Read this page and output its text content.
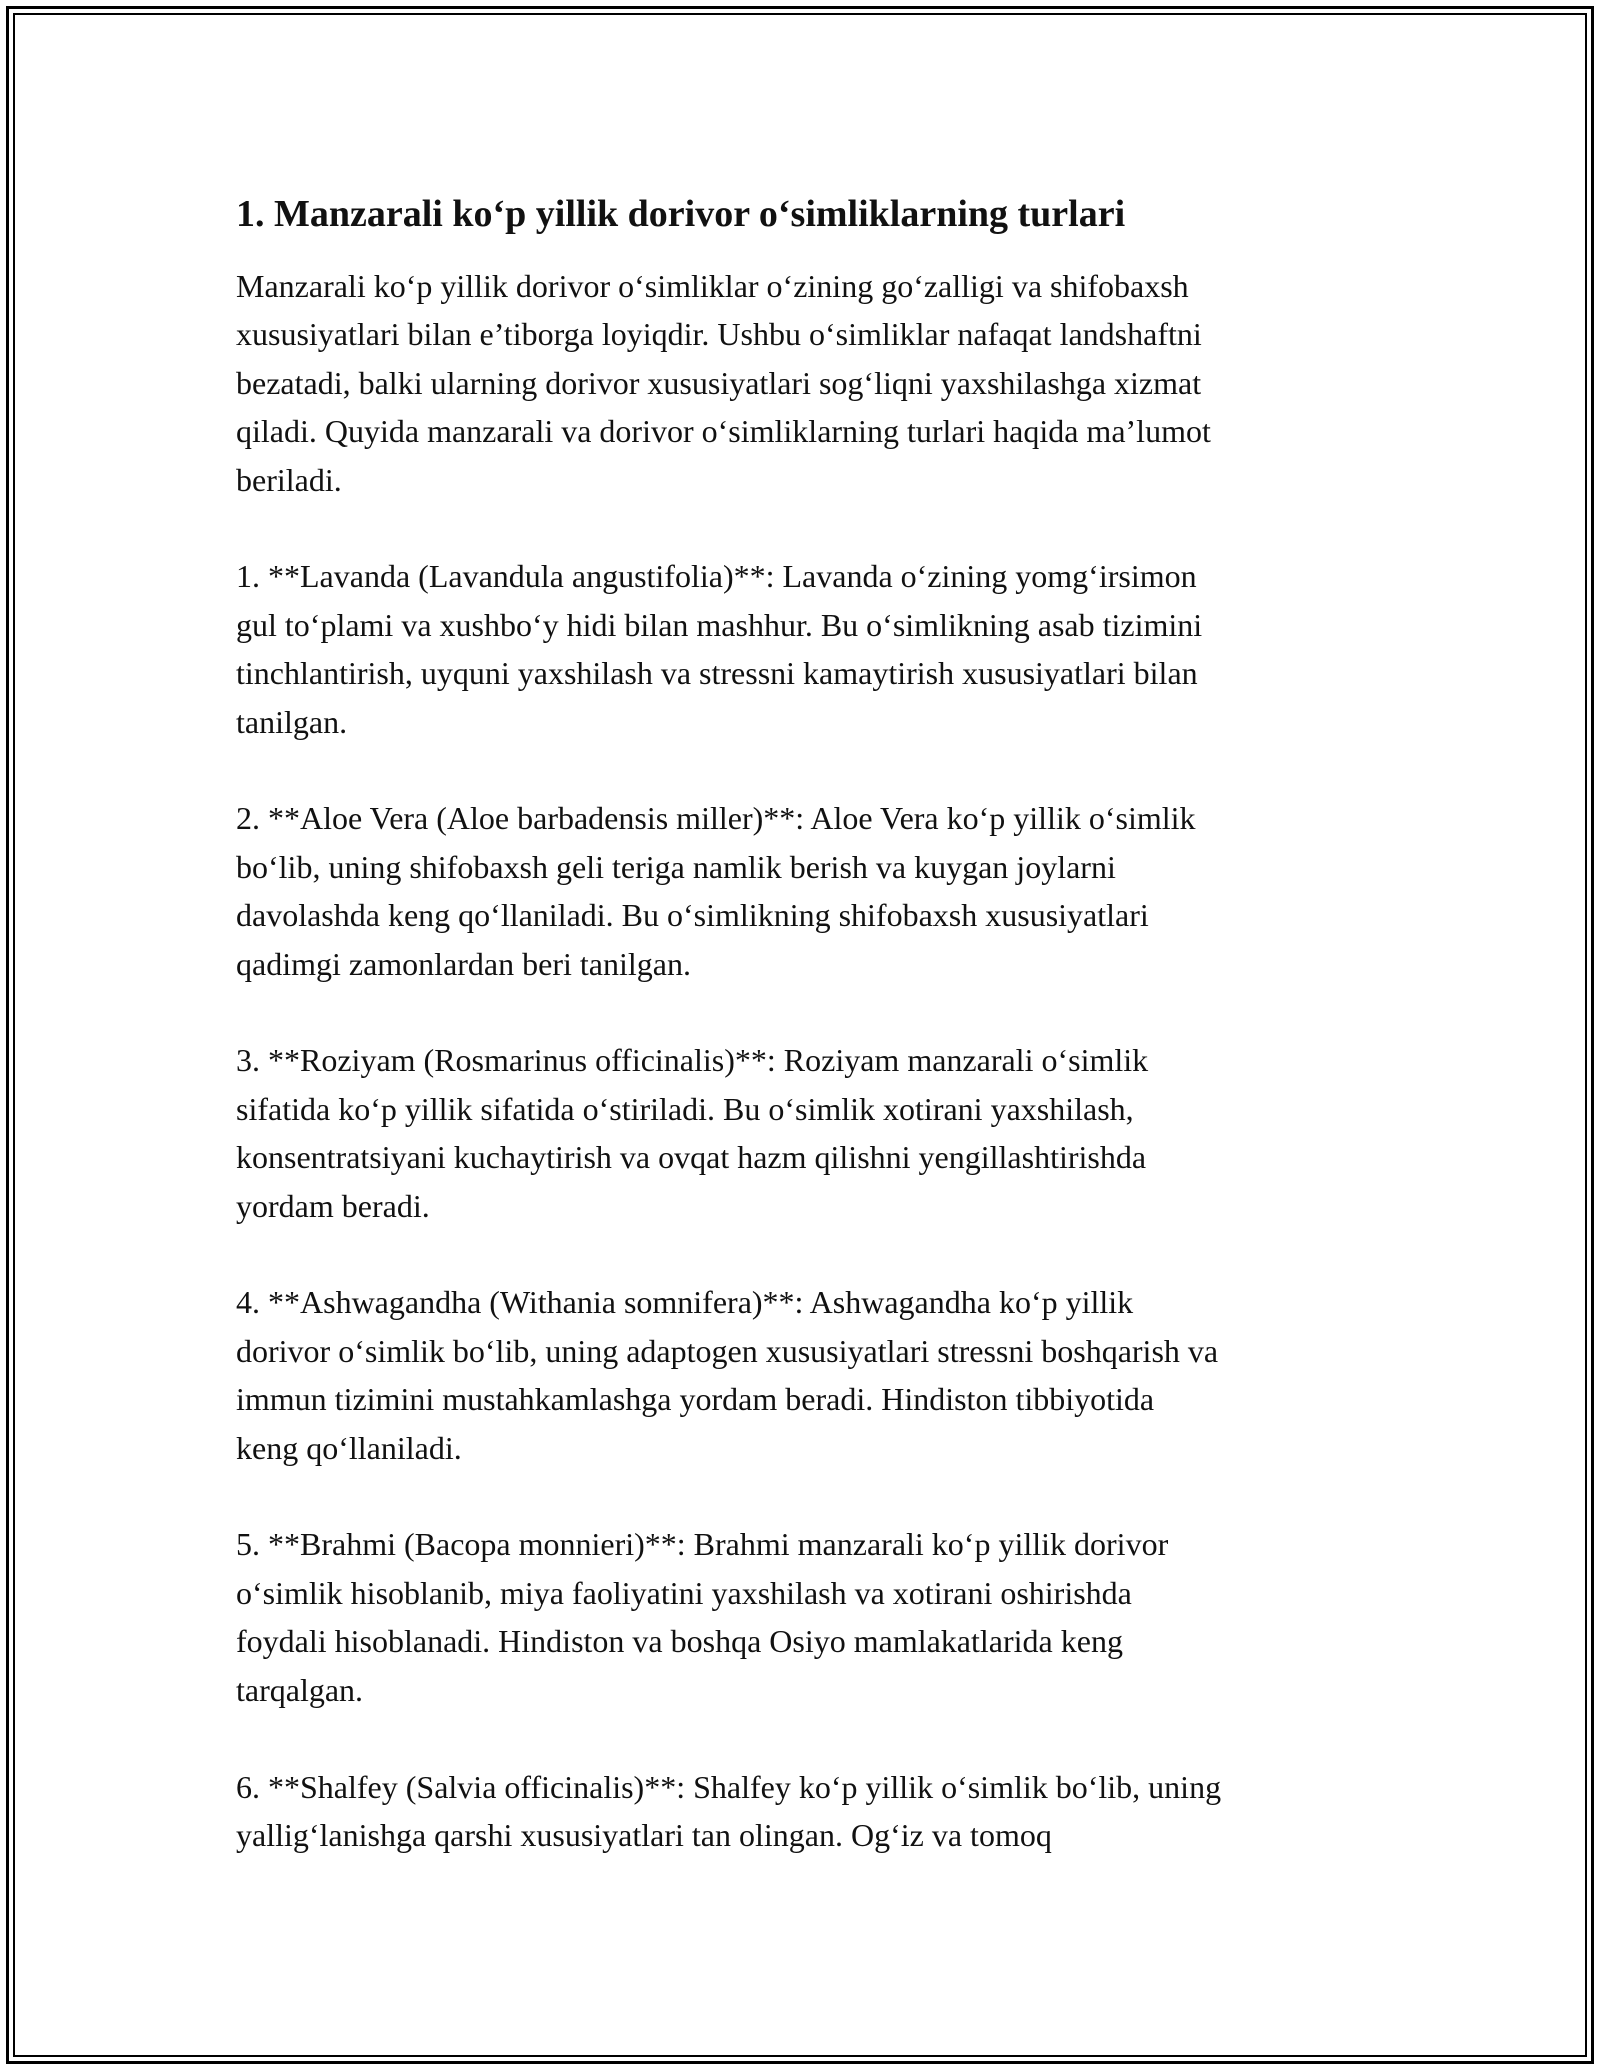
1. Manzarali ko‘p yillik dorivor o‘simliklarning turlari

Manzarali ko‘p yillik dorivor o‘simliklar o‘zining go‘zalligi va shifobaxsh
xususiyatlari bilan e’tiborga loyiqdir. Ushbu o‘simliklar nafaqat landshaftni
bezatadi, balki ularning dorivor xususiyatlari sog‘liqni yaxshilashga xizmat
qiladi. Quyida manzarali va dorivor o‘simliklarning turlari haqida ma’lumot
beriladi.

1. **Lavanda (Lavandula angustifolia)**: Lavanda o‘zining yomg‘irsimon
gul to‘plami va xushbo‘y hidi bilan mashhur. Bu o‘simlikning asab tizimini
tinchlantirish, uyquni yaxshilash va stressni kamaytirish xususiyatlari bilan
tanilgan.

2. **Aloe Vera (Aloe barbadensis miller)**: Aloe Vera ko‘p yillik o‘simlik
bo‘lib, uning shifobaxsh geli teriga namlik berish va kuygan joylarni
davolashda keng qo‘llaniladi. Bu o‘simlikning shifobaxsh xususiyatlari
qadimgi zamonlardan beri tanilgan.

3. **Roziyam (Rosmarinus officinalis)**: Roziyam manzarali o‘simlik
sifatida ko‘p yillik sifatida o‘stiriladi. Bu o‘simlik xotirani yaxshilash,
konsentratsiyani kuchaytirish va ovqat hazm qilishni yengillashtirishda
yordam beradi.

4. **Ashwagandha (Withania somnifera)**: Ashwagandha ko‘p yillik
dorivor o‘simlik bo‘lib, uning adaptogen xususiyatlari stressni boshqarish va
immun tizimini mustahkamlashga yordam beradi. Hindiston tibbiyotida
keng qo‘llaniladi.

5. **Brahmi (Bacopa monnieri)**: Brahmi manzarali ko‘p yillik dorivor
o‘simlik hisoblanib, miya faoliyatini yaxshilash va xotirani oshirishda
foydali hisoblanadi. Hindiston va boshqa Osiyo mamlakatlarida keng
tarqalgan.

6. **Shalfey (Salvia officinalis)**: Shalfey ko‘p yillik o‘simlik bo‘lib, uning
yallig‘lanishga qarshi xususiyatlari tan olingan. Og‘iz va tomoq
